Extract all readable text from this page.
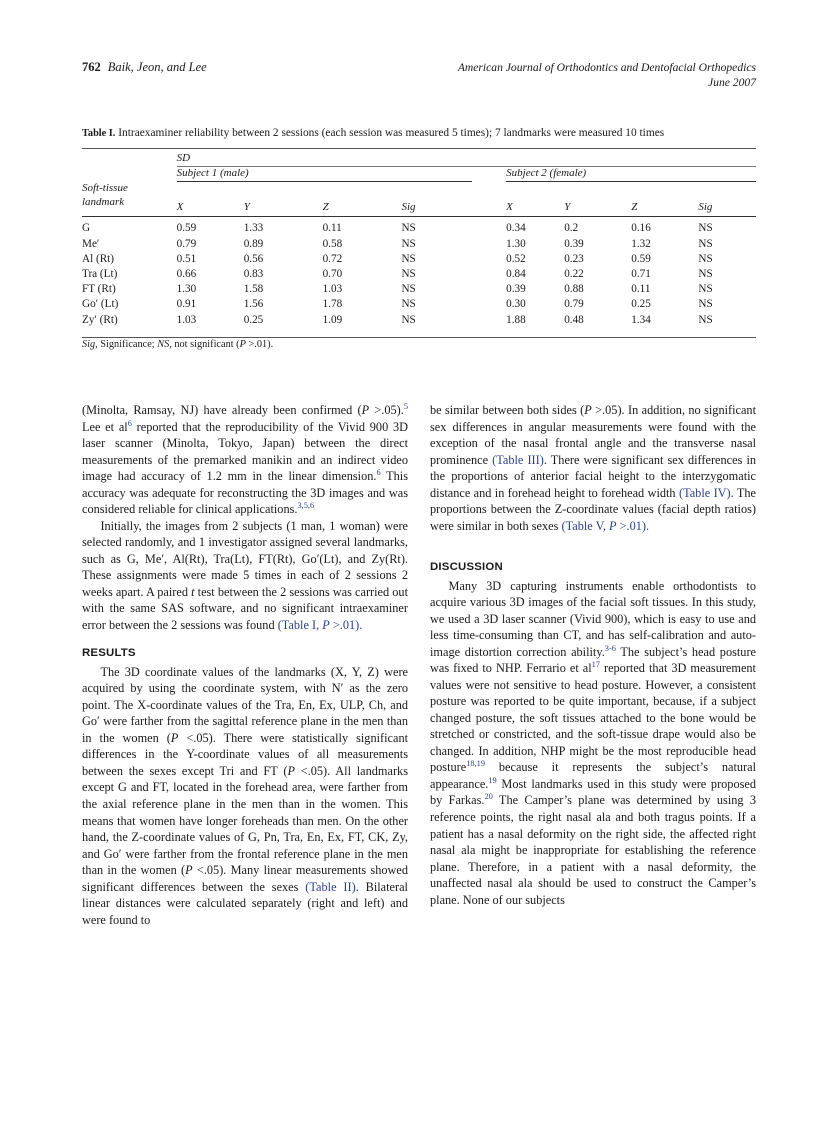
762 Baik, Jeon, and Lee	American Journal of Orthodontics and Dentofacial Orthopedics
June 2007
Table I. Intraexaminer reliability between 2 sessions (each session was measured 5 times); 7 landmarks were measured 10 times

	SD								

	Subject 1 (male)					Subject 2 (female)			

Soft-tissue
landmark	X	Y	Z	Sig		X	Y	Z	Sig

G	0.59	1.33	0.11	NS		0.34	0.2	0.16	NS
Me′	0.79	0.89	0.58	NS		1.30	0.39	1.32	NS
Al (Rt)	0.51	0.56	0.72	NS		0.52	0.23	0.59	NS
Tra (Lt)	0.66	0.83	0.70	NS		0.84	0.22	0.71	NS
FT (Rt)	1.30	1.58	1.03	NS		0.39	0.88	0.11	NS
Go′ (Lt)	0.91	1.56	1.78	NS		0.30	0.79	0.25	NS
Zy′ (Rt)	1.03	0.25	1.09	NS		1.88	0.48	1.34	NS

Sig, Significance; NS, not significant (P >.01).									

(Minolta, Ramsay, NJ) have already been confirmed (P >.05).$^5$ Lee et al$^6$ reported that the reproducibility of the Vivid 900 3D laser scanner (Minolta, Tokyo, Japan) between the direct measurements of the premarked manikin and an indirect video image had accuracy of 1.2 mm in the linear dimension.$^6$ This accuracy was adequate for reconstructing the 3D images and was considered reliable for clinical applications.$^{3,5,6}$

Initially, the images from 2 subjects (1 man, 1 woman) were selected randomly, and 1 investigator assigned several landmarks, such as G, Me′, Al(Rt), Tra(Lt), FT(Rt), Go′(Lt), and Zy(Rt). These assignments were made 5 times in each of 2 sessions 2 weeks apart. A paired t test between the 2 sessions was carried out with the same SAS software, and no significant intraexaminer error between the 2 sessions was found (Table I, P >.01).

RESULTS

The 3D coordinate values of the landmarks (X, Y, Z) were acquired by using the coordinate system, with N′ as the zero point. The X-coordinate values of the Tra, En, Ex, ULP, Ch, and Go′ were farther from the sagittal reference plane in the men than in the women (P <.05). There were statistically significant differences in the Y-coordinate values of all measurements between the sexes except Tri and FT (P <.05). All landmarks except G and FT, located in the forehead area, were farther from the axial reference plane in the men than in the women. This means that women have longer foreheads than men. On the other hand, the Z-coordinate values of G, Pn, Tra, En, Ex, FT, CK, Zy, and Go′ were farther from the frontal reference plane in the men than in the women (P <.05). Many linear measurements showed significant differences between the sexes (Table II). Bilateral linear distances were calculated separately (right and left) and were found to

be similar between both sides (P >.05). In addition, no significant sex differences in angular measurements were found with the exception of the nasal frontal angle and the transverse nasal prominence (Table III). There were significant sex differences in the proportions of anterior facial height to the interzygomatic distance and in forehead height to forehead width (Table IV). The proportions between the Z-coordinate values (facial depth ratios) were similar in both sexes (Table V, P >.01).

DISCUSSION

Many 3D capturing instruments enable orthodontists to acquire various 3D images of the facial soft tissues. In this study, we used a 3D laser scanner (Vivid 900), which is easy to use and less time-consuming than CT, and has self-calibration and auto-image distortion correction ability.$^{3-6}$ The subject’s head posture was fixed to NHP. Ferrario et al$^{17}$ reported that 3D measurement values were not sensitive to head posture. However, a consistent posture was reported to be quite important, because, if a subject changed posture, the soft tissues attached to the bone would be stretched or constricted, and the soft-tissue drape would also be changed. In addition, NHP might be the most reproducible head posture$^{18,19}$ because it represents the subject’s natural appearance.$^{19}$ Most landmarks used in this study were proposed by Farkas.$^{20}$ The Camper’s plane was determined by using 3 reference points, the right nasal ala and both tragus points. If a patient has a nasal deformity on the right side, the affected right nasal ala might be inappropriate for establishing the reference plane. Therefore, in a patient with a nasal deformity, the unaffected nasal ala should be used to construct the Camper’s plane. None of our subjects
